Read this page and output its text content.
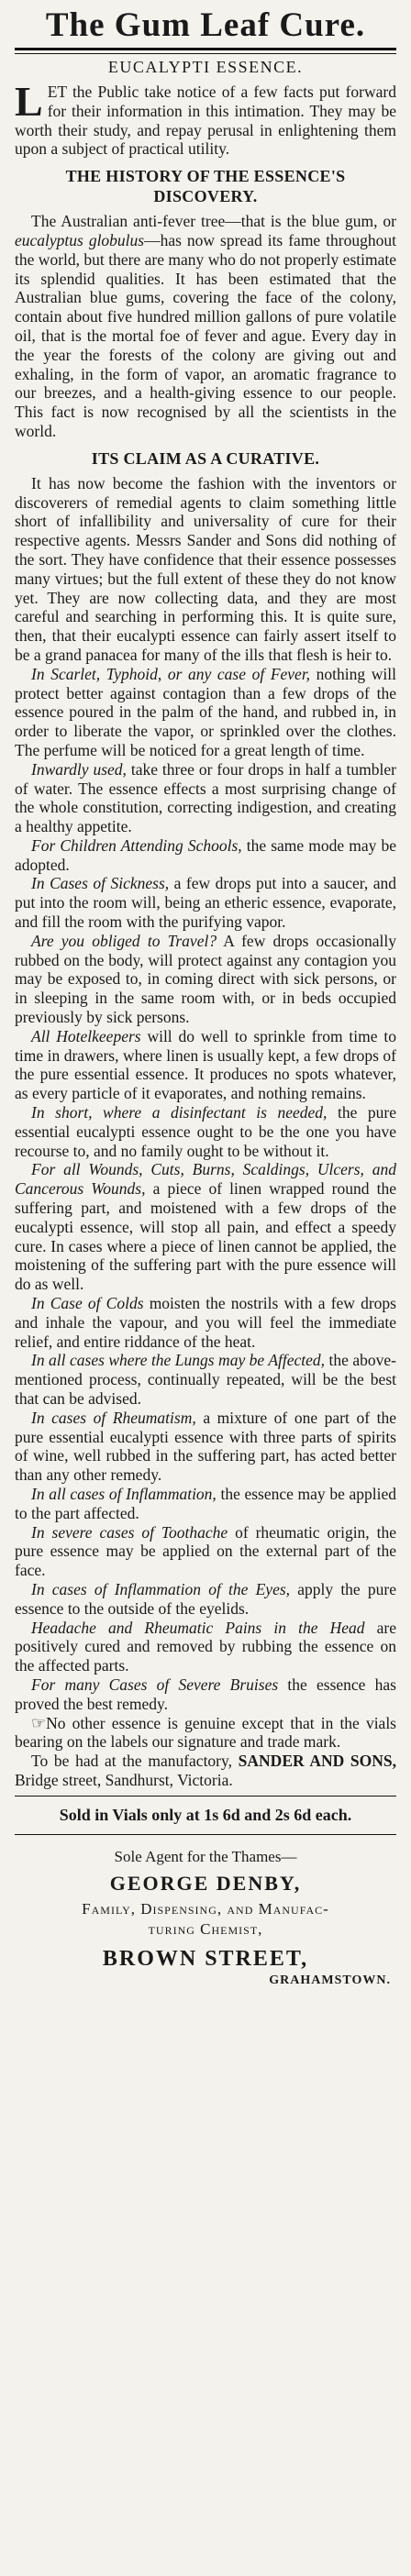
The Gum Leaf Cure.
EUCALYPTI ESSENCE.
LET the Public take notice of a few facts put forward for their information in this intimation. They may be worth their study, and repay perusal in enlightening them upon a subject of practical utility.
THE HISTORY OF THE ESSENCE'S DISCOVERY.

The Australian anti-fever tree—that is the blue gum, or eucalyptus globulus—has now spread its fame throughout the world, but there are many who do not properly estimate its splendid qualities. It has been estimated that the Australian blue gums, covering the face of the colony, contain about five hundred million gallons of pure volatile oil, that is the mortal foe of fever and ague. Every day in the year the forests of the colony are giving out and exhaling, in the form of vapor, an aromatic fragrance to our breezes, and a health-giving essence to our people. This fact is now recognised by all the scientists in the world.

ITS CLAIM AS A CURATIVE.

It has now become the fashion with the inventors or discoverers of remedial agents to claim something little short of infallibility and universality of cure for their respective agents. Messrs Sander and Sons did nothing of the sort. They have confidence that their essence possesses many virtues; but the full extent of these they do not know yet. They are now collecting data, and they are most careful and searching in performing this. It is quite sure, then, that their eucalypti essence can fairly assert itself to be a grand panacea for many of the ills that flesh is heir to.

In Scarlet, Typhoid, or any case of Fever, nothing will protect better against contagion than a few drops of the essence poured in the palm of the hand, and rubbed in, in order to liberate the vapor, or sprinkled over the clothes. The perfume will be noticed for a great length of time.

Inwardly used, take three or four drops in half a tumbler of water. The essence effects a most surprising change of the whole constitution, correcting indigestion, and creating a healthy appetite.

For Children Attending Schools, the same mode may be adopted.

In Cases of Sickness, a few drops put into a saucer, and put into the room will, being an etheric essence, evaporate, and fill the room with the purifying vapor.

Are you obliged to Travel? A few drops occasionally rubbed on the body, will protect against any contagion you may be exposed to, in coming direct with sick persons, or in sleeping in the same room with, or in beds occupied previously by sick persons.

All Hotelkeepers will do well to sprinkle from time to time in drawers, where linen is usually kept, a few drops of the pure essential essence. It produces no spots whatever, as every particle of it evaporates, and nothing remains.

In short, where a disinfectant is needed, the pure essential eucalypti essence ought to be the one you have recourse to, and no family ought to be without it.

For all Wounds, Cuts, Burns, Scaldings, Ulcers, and Cancerous Wounds, a piece of linen wrapped round the suffering part, and moistened with a few drops of the eucalypti essence, will stop all pain, and effect a speedy cure. In cases where a piece of linen cannot be applied, the moistening of the suffering part with the pure essence will do as well.

In Case of Colds moisten the nostrils with a few drops and inhale the vapour, and you will feel the immediate relief, and entire riddance of the heat.

In all cases where the Lungs may be Affected, the above-mentioned process, continually repeated, will be the best that can be advised.

In cases of Rheumatism, a mixture of one part of the pure essential eucalypti essence with three parts of spirits of wine, well rubbed in the suffering part, has acted better than any other remedy.

In all cases of Inflammation, the essence may be applied to the part affected.

In severe cases of Toothache of rheumatic origin, the pure essence may be applied on the external part of the face.

In cases of Inflammation of the Eyes, apply the pure essence to the outside of the eyelids.

Headache and Rheumatic Pains in the Head are positively cured and removed by rubbing the essence on the affected parts.

For many Cases of Severe Bruises the essence has proved the best remedy.

☞No other essence is genuine except that in the vials bearing on the labels our signature and trade mark.

To be had at the manufactory, SANDER AND SONS, Bridge street, Sandhurst, Victoria.

Sold in Vials only at 1s 6d and 2s 6d each.
Sole Agent for the Thames—
GEORGE DENBY,

Family, Dispensing, and Manufac-

turing Chemist,

BROWN STREET,
GRAHAMSTOWN.
